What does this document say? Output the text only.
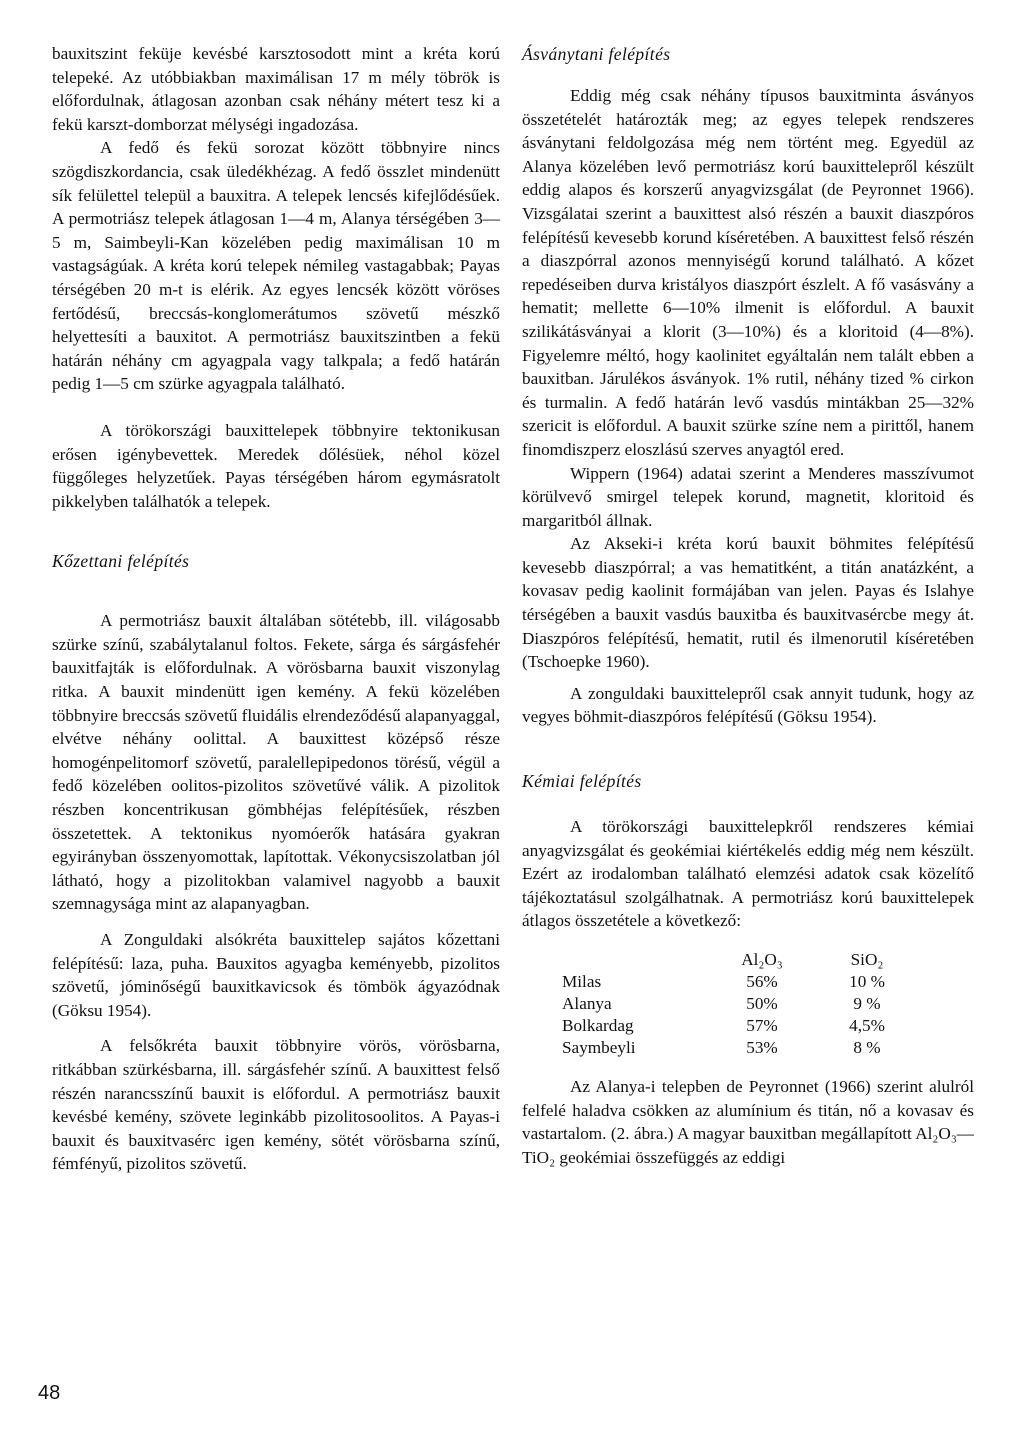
bauxitszint feküje kevésbé karsztosodott mint a kréta korú telepeké. Az utóbbiakban maximálisan 17 m mély töbrök is előfordulnak, átlagosan azonban csak néhány métert tesz ki a fekü karszt-domborzat mélységi ingadozása.

A fedő és fekü sorozat között többnyire nincs szögdiszkordancia, csak üledékhézag. A fedő összlet mindenütt sík felülettel települ a bauxitra. A telepek lencsés kifejlődésűek. A permotriász telepek átlagosan 1—4 m, Alanya térségében 3—5 m, Saimbeyli-Kan közelében pedig maximálisan 10 m vastagságúak. A kréta korú telepek némileg vastagabbak; Payas térségében 20 m-t is elérik. Az egyes lencsék között vöröses fertődésű, breccsás-konglomerátumos szövetű mészkő helyettesíti a bauxitot. A permotriász bauxitszintben a fekü határán néhány cm agyagpala vagy talkpala; a fedő határán pedig 1—5 cm szürke agyagpala található.

A törökországi bauxittelepek többnyire tektonikusan erősen igénybevettek. Meredek dőlésüek, néhol közel függőleges helyzetűek. Payas térségében három egymásratolt pikkelyben találhatók a telepek.

Kőzettani felépítés

A permotriász bauxit általában sötétebb, ill. világosabb szürke színű, szabálytalanul foltos. Fekete, sárga és sárgásfehér bauxitfajták is előfordulnak. A vörösbarna bauxit viszonylag ritka. A bauxit mindenütt igen kemény. A fekü közelében többnyire breccsás szövetű fluidális elrendeződésű alapanyaggal, elvétve néhány oolittal. A bauxittest középső része homogénpelitomorf szövetű, paralellepipedonos törésű, végül a fedő közelében oolitos-pizolitos szövetűvé válik. A pizolitok részben koncentrikusan gömbhéjas felépítésűek, részben összetettek. A tektonikus nyomóerők hatására gyakran egyirányban összenyomottak, lapítottak. Vékonycsiszolatban jól látható, hogy a pizolitokban valamivel nagyobb a bauxit szemnagysága mint az alapanyagban.

A Zonguldaki alsókréta bauxittelep sajátos kőzettani felépítésű: laza, puha. Bauxitos agyagba keményebb, pizolitos szövetű, jóminőségű bauxitkavicsok és tömbök ágyazódnak (Göksu 1954).

A felsőkréta bauxit többnyire vörös, vörösbarna, ritkábban szürkésbarna, ill. sárgásfehér színű. A bauxittest felső részén narancsszínű bauxit is előfordul. A permotriász bauxit kevésbé kemény, szövete leginkább pizolitosoolitos. A Payas-i bauxit és bauxitvasérc igen kemény, sötét vörösbarna színű, fémfényű, pizolitos szövetű.

Ásványtani felépítés

Eddig még csak néhány típusos bauxitminta ásványos összetételét határozták meg; az egyes telepek rendszeres ásványtani feldolgozása még nem történt meg. Egyedül az Alanya közelében levő permotriász korú bauxittelepről készült eddig alapos és korszerű anyagvizsgálat (de Peyronnet 1966). Vizsgálatai szerint a bauxittest alsó részén a bauxit diaszpóros felépítésű kevesebb korund kíséretében. A bauxittest felső részén a diaszpórral azonos mennyiségű korund található. A kőzet repedéseiben durva kristályos diaszpórt észlelt. A fő vasásvány a hematit; mellette 6—10% ilmenit is előfordul. A bauxit szilikátásványai a klorit (3—10%) és a kloritoid (4—8%). Figyelemre méltó, hogy kaolinitet egyáltalán nem talált ebben a bauxitban. Járulékos ásványok. 1% rutil, néhány tized % cirkon és turmalin. A fedő határán levő vasdús mintákban 25—32% szericit is előfordul. A bauxit szürke színe nem a pirittől, hanem finomdiszperz eloszlású szerves anyagtól ered.

Wippern (1964) adatai szerint a Menderes masszívumot körülvevő smirgel telepek korund, magnetit, kloritoid és margaritból állnak.

Az Akseki-i kréta korú bauxit böhmites felépítésű kevesebb diaszpórral; a vas hematitként, a titán anatázként, a kovasav pedig kaolinit formájában van jelen. Payas és Islahye térségében a bauxit vasdús bauxitba és bauxitvasércbe megy át. Diaszpóros felépítésű, hematit, rutil és ilmenorutil kíséretében (Tschoepke 1960).

A zonguldaki bauxittelepről csak annyit tudunk, hogy az vegyes böhmit-diaszpóros felépítésű (Göksu 1954).

Kémiai felépítés

A törökországi bauxittelepkről rendszeres kémiai anyagvizsgálat és geokémiai kiértékelés eddig még nem készült. Ezért az irodalomban található elemzési adatok csak közelítő tájékoztatásul szolgálhatnak. A permotriász korú bauxittelepek átlagos összetétele a következő:

	Al₂O₃	SiO₂
Milas	56%	10 %
Alanya	50%	9 %
Bolkardag	57%	4,5%
Saymbeyli	53%	8 %

Az Alanya-i telepben de Peyronnet (1966) szerint alulról felfelé haladva csökken az alumínium és titán, nő a kovasav és vastartalom. (2. ábra.) A magyar bauxitban megállapított Al₂O₃—TiO₂ geokémiai összefüggés az eddigi

48
